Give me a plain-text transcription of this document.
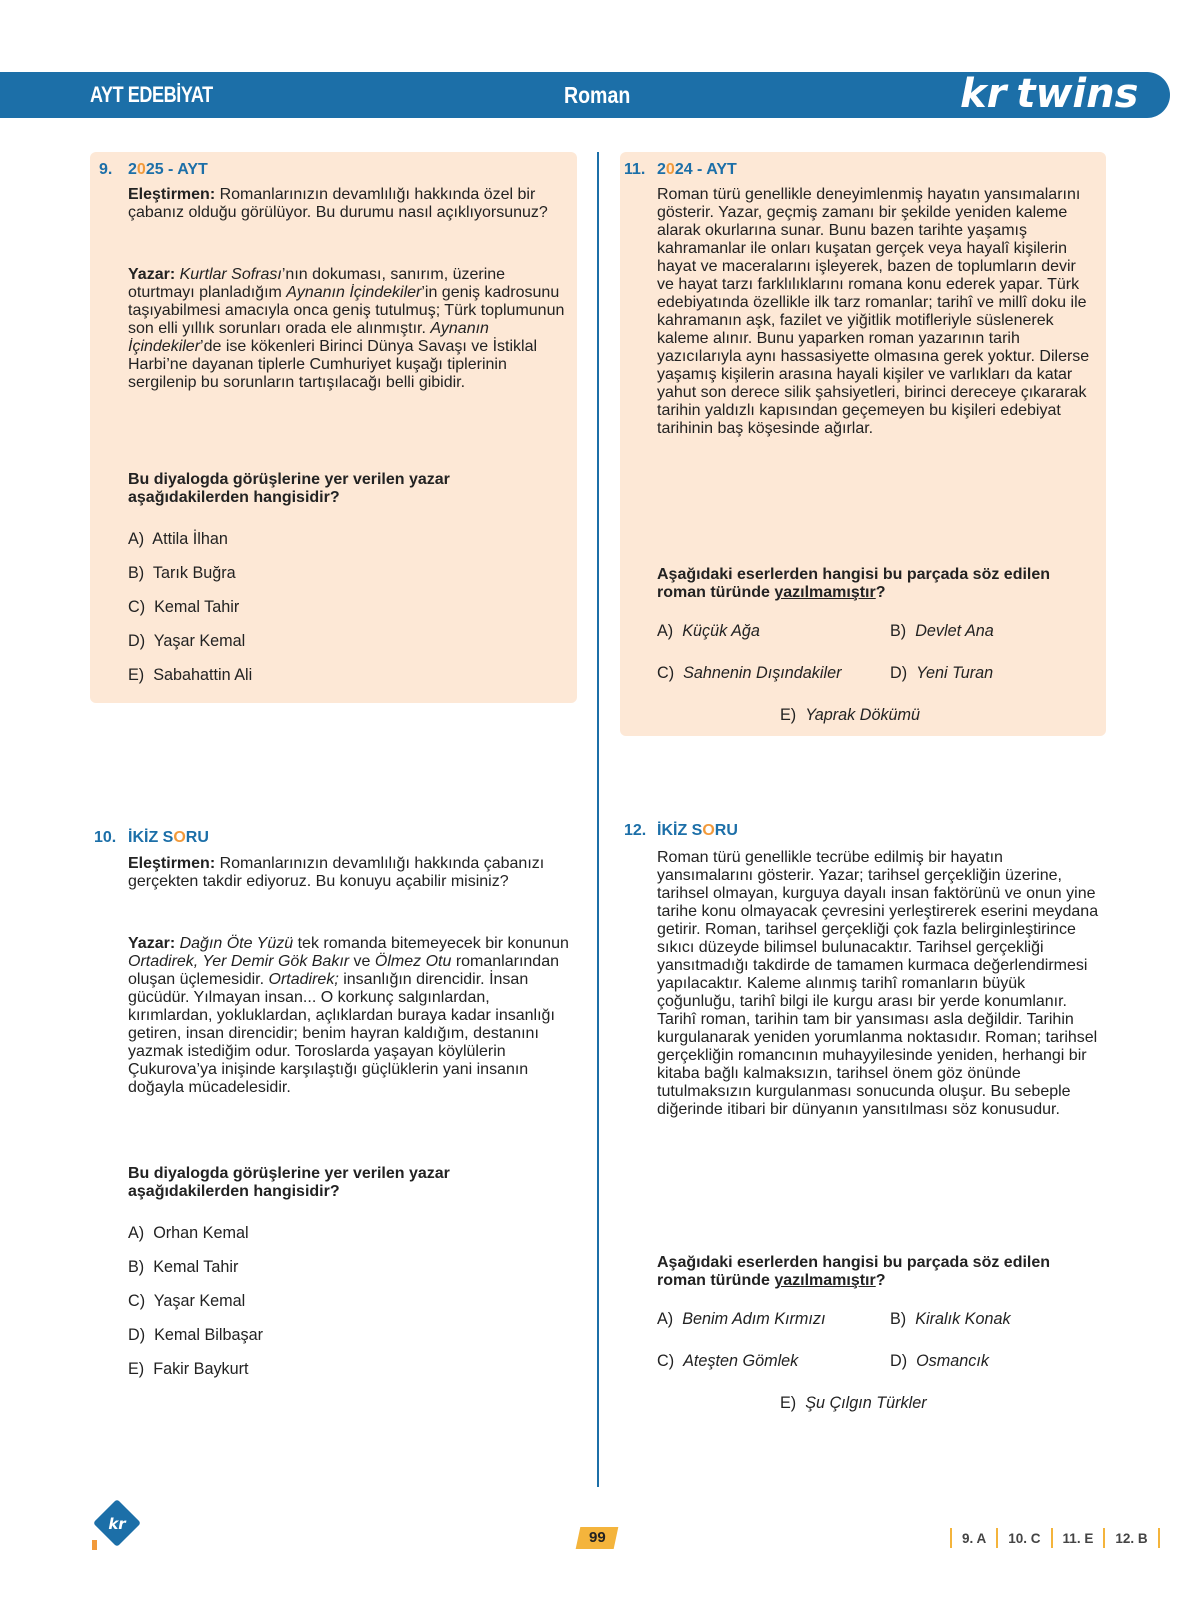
AYT EDEBİYAT	Roman	kr twins
9. 2025 - AYT
Eleştirmen: Romanlarınızın devamlılığı hakkında özel bir çabanız olduğu görülüyor. Bu durumu nasıl açıklıyorsunuz?
Yazar: Kurtlar Sofrası’nın dokuması, sanırım, üzerine oturtmayı planladığım Aynanın İçindekiler’in geniş kadrosunu taşıyabilmesi amacıyla onca geniş tutulmuş; Türk toplumunun son elli yıllık sorunları orada ele alınmıştır. Aynanın İçindekiler’de ise kökenleri Birinci Dünya Savaşı ve İstiklal Harbi’ne dayanan tiplerle Cumhuriyet kuşağı tiplerinin sergilenip bu sorunların tartışılacağı belli gibidir.
Bu diyalogda görüşlerine yer verilen yazar aşağıdakilerden hangisidir?
A) Attila İlhan
B) Tarık Buğra
C) Kemal Tahir
D) Yaşar Kemal
E) Sabahattin Ali
11. 2024 - AYT
Roman türü genellikle deneyimlenmiş hayatın yansımalarını gösterir. Yazar, geçmiş zamanı bir şekilde yeniden kaleme alarak okurlarına sunar. Bunu bazen tarihte yaşamış kahramanlar ile onları kuşatan gerçek veya hayalî kişilerin hayat ve maceralarını işleyerek, bazen de toplumların devir ve hayat tarzı farklılıklarını romana konu ederek yapar. Türk edebiyatında özellikle ilk tarz romanlar; tarihî ve millî doku ile kahramanın aşk, fazilet ve yiğitlik motifleriyle süslenerek kaleme alınır. Bunu yaparken roman yazarının tarih yazıcılarıyla aynı hassasiyette olmasına gerek yoktur. Dilerse yaşamış kişilerin arasına hayali kişiler ve varlıkları da katar yahut son derece silik şahsiyetleri, birinci dereceye çıkararak tarihin yaldızlı kapısından geçemeyen bu kişileri edebiyat tarihinin baş köşesinde ağırlar.
Aşağıdaki eserlerden hangisi bu parçada söz edilen roman türünde yazılmamıştır?
A) Küçük Ağa	B) Devlet Ana
C) Sahnenin Dışındakiler	D) Yeni Turan
E) Yaprak Dökümü
10. İKİZ SORU
Eleştirmen: Romanlarınızın devamlılığı hakkında çabanızı gerçekten takdir ediyoruz. Bu konuyu açabilir misiniz?
Yazar: Dağın Öte Yüzü tek romanda bitemeyecek bir konunun Ortadirek, Yer Demir Gök Bakır ve Ölmez Otu romanlarından oluşan üçlemesidir. Ortadirek; insanlığın direncidir. İnsan gücüdür. Yılmayan insan... O korkunç salgınlardan, kırımlardan, yokluklardan, açlıklardan buraya kadar insanlığı getiren, insan direncidir; benim hayran kaldığım, destanını yazmak istediğim odur. Toroslarda yaşayan köylülerin Çukurova’ya inişinde karşılaştığı güçlüklerin yani insanın doğayla mücadelesidir.
Bu diyalogda görüşlerine yer verilen yazar aşağıdakilerden hangisidir?
A) Orhan Kemal
B) Kemal Tahir
C) Yaşar Kemal
D) Kemal Bilbaşar
E) Fakir Baykurt
12. İKİZ SORU
Roman türü genellikle tecrübe edilmiş bir hayatın yansımalarını gösterir. Yazar; tarihsel gerçekliğin üzerine, tarihsel olmayan, kurguya dayalı insan faktörünü ve onun yine tarihe konu olmayacak çevresini yerleştirerek eserini meydana getirir. Roman, tarihsel gerçekliği çok fazla belirginleştirince sıkıcı düzeyde bilimsel bulunacaktır. Tarihsel gerçekliği yansıtmadığı takdirde de tamamen kurmaca değerlendirmesi yapılacaktır. Kaleme alınmış tarihî romanların büyük çoğunluğu, tarihî bilgi ile kurgu arası bir yerde konumlanır. Tarihî roman, tarihin tam bir yansıması asla değildir. Tarihin kurgulanarak yeniden yorumlanma noktasıdır. Roman; tarihsel gerçekliğin romancının muhayyilesinde yeniden, herhangi bir kitaba bağlı kalmaksızın, tarihsel önem göz önünde tutulmaksızın kurgulanması sonucunda oluşur. Bu sebeple diğerinde itibari bir dünyanın yansıtılması söz konusudur.
Aşağıdaki eserlerden hangisi bu parçada söz edilen roman türünde yazılmamıştır?
A) Benim Adım Kırmızı	B) Kiralık Konak
C) Ateşten Gömlek	D) Osmancık
E) Şu Çılgın Türkler
kr
99	9. A 10. C 11. E 12. B
